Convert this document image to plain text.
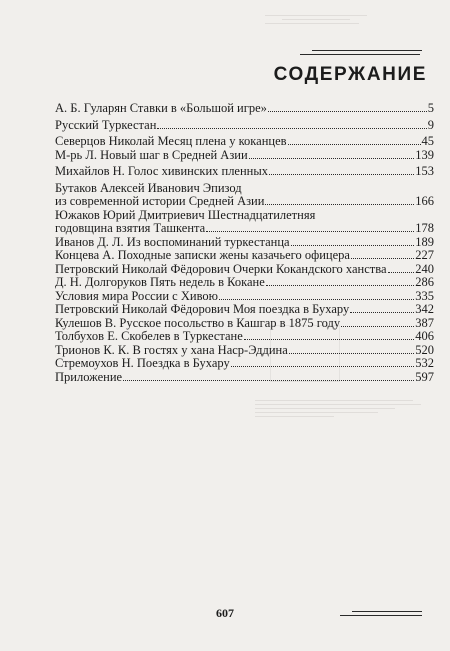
СОДЕРЖАНИЕ
А. Б. Гуларян Ставки в «Большой игре»	5
Русский Туркестан	9
Северцов Николай Месяц плена у коканцев	45
М-рь Л. Новый шаг в Средней Азии	139
Михайлов Н. Голос хивинских пленных	153
Бутаков Алексей Иванович Эпизод
из современной истории Средней Азии	166
Южаков Юрий Дмитриевич Шестнадцатилетняя
годовщина взятия Ташкента	178
Иванов Д. Л. Из воспоминаний туркестанца	189
Концева А. Походные записки жены казачьего офицера	227
Петровский Николай Фёдорович Очерки Кокандского ханства 240
Д. Н. Долгоруков Пять недель в Кокане	286
Условия мира России с Хивою	335
Петровский Николай Фёдорович Моя поездка в Бухару	342
Кулешов В. Русское посольство в Кашгар в 1875 году	387
Толбухов Е. Скобелев в Туркестане	406
Трионов К. К. В гостях у хана Наср-Эддина	520
Стремоухов Н. Поездка в Бухару	532
Приложение	597
607
